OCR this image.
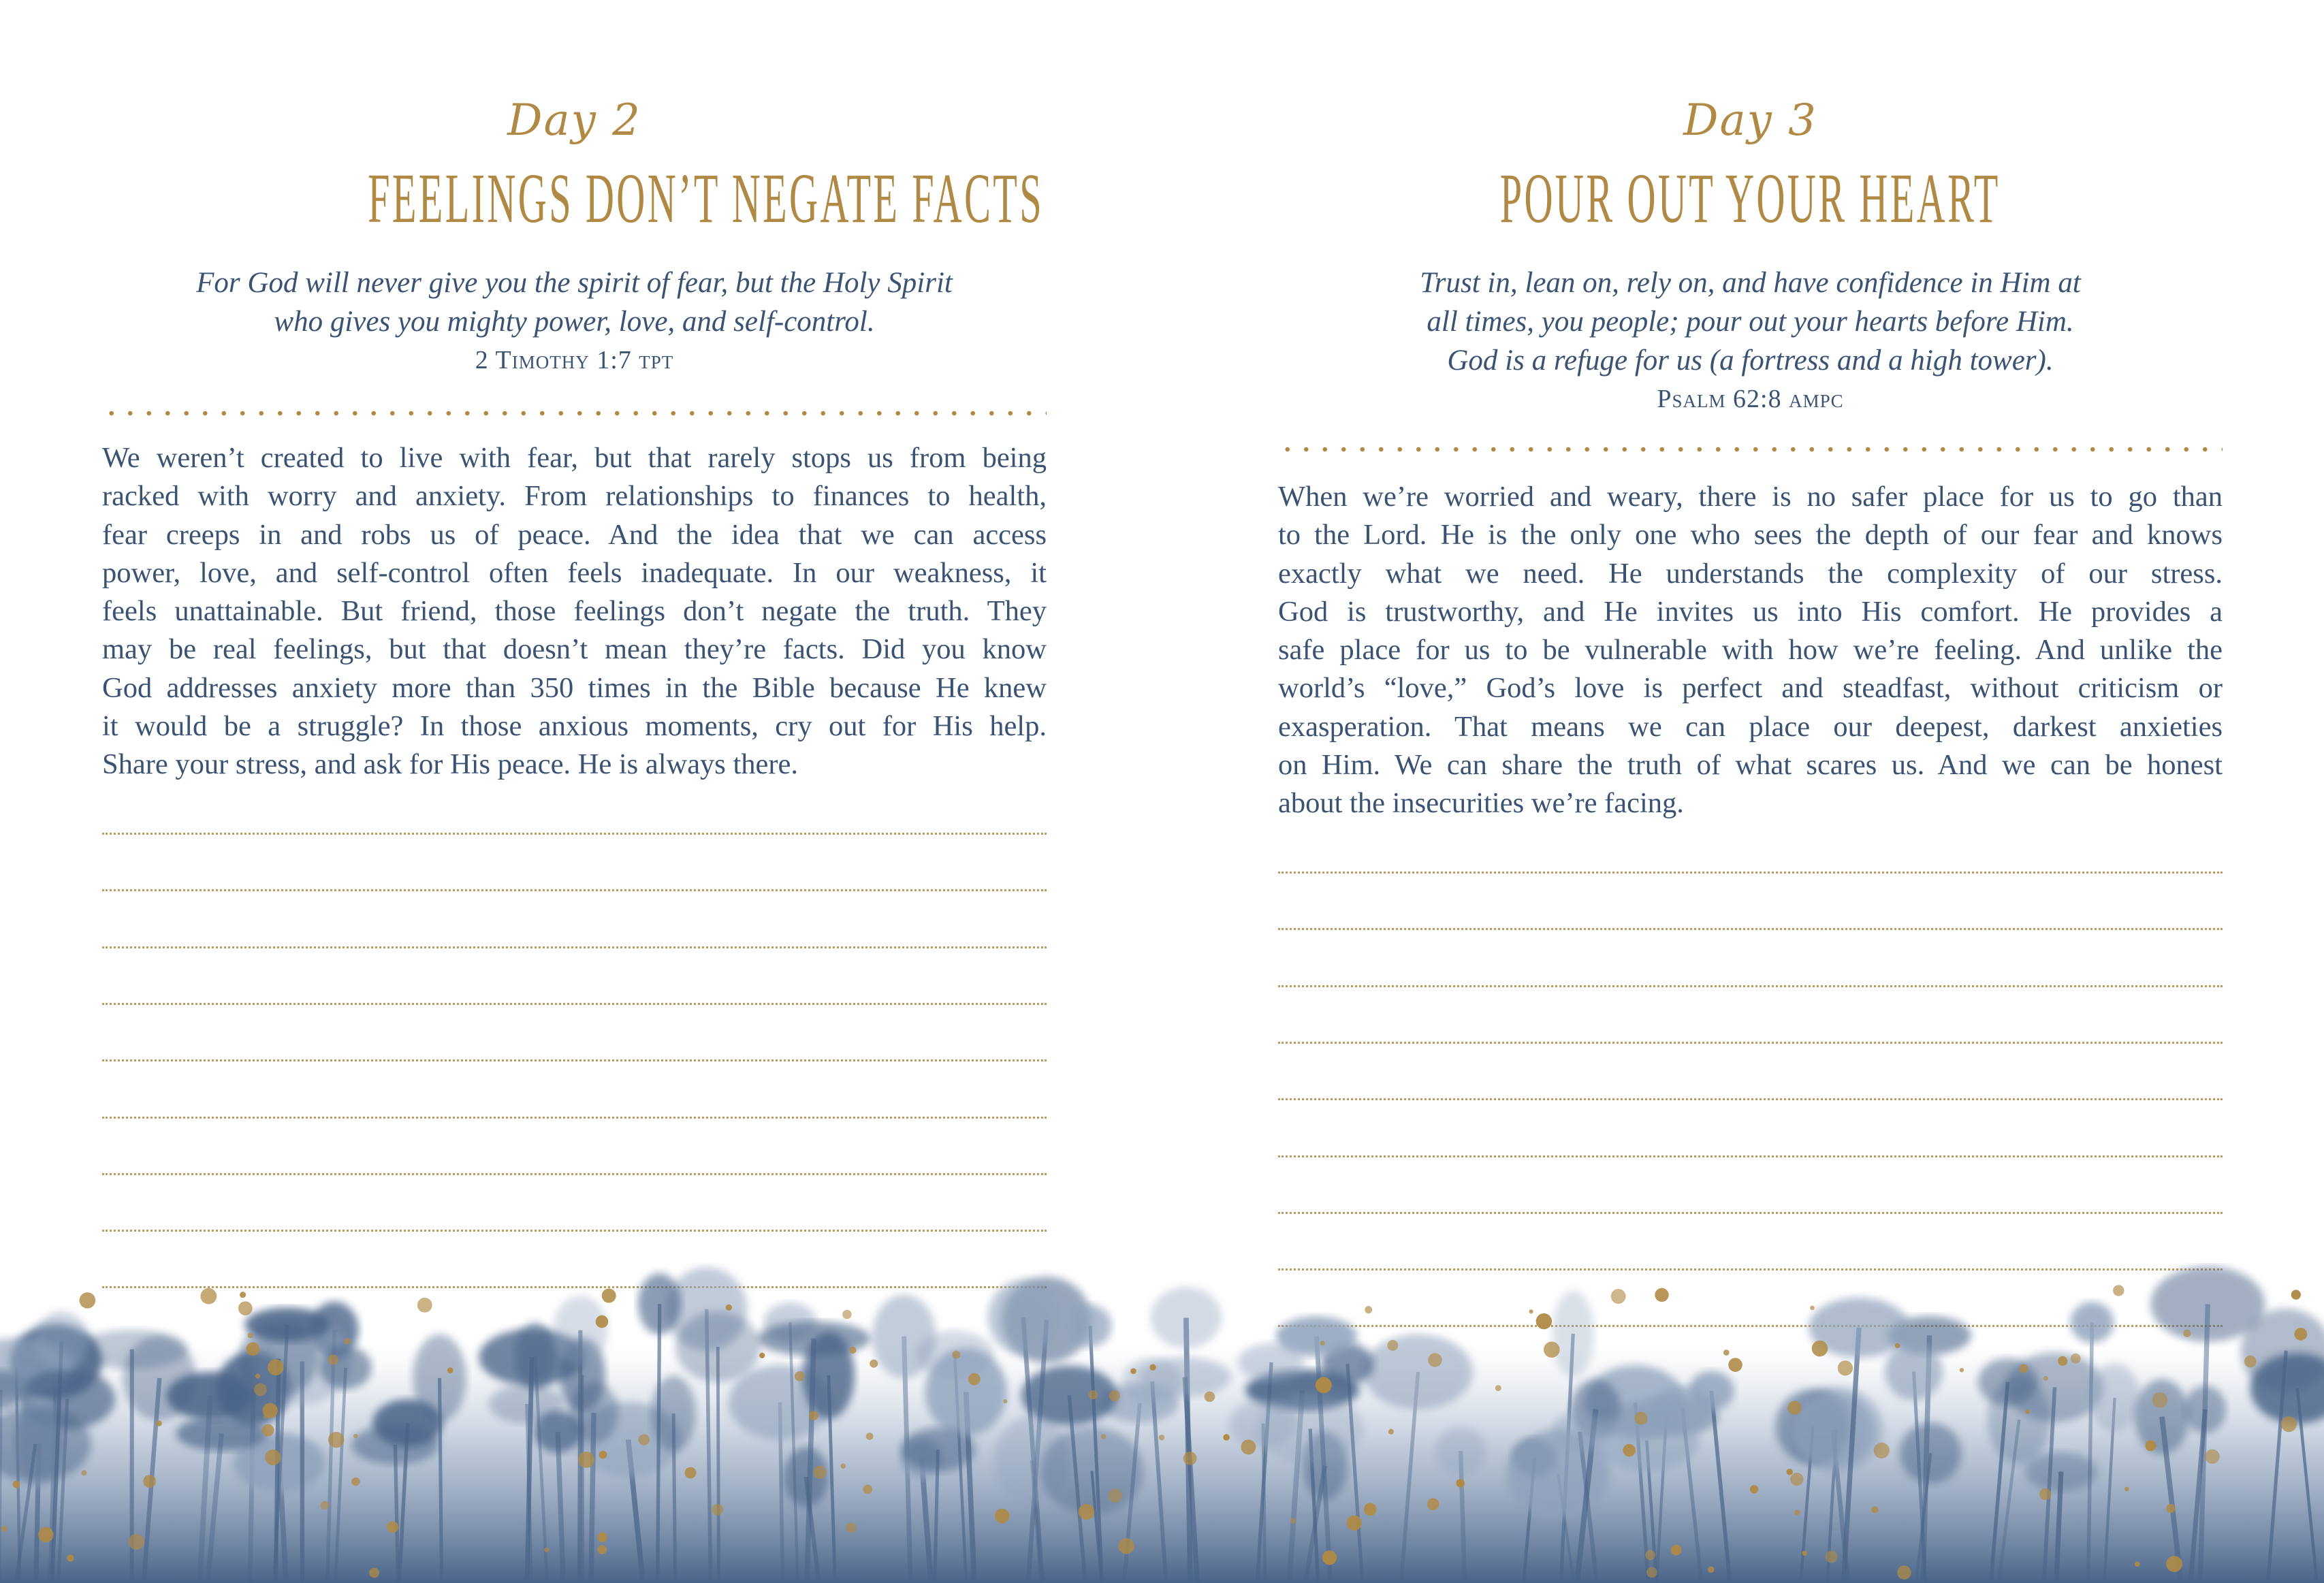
Day 2
FEELINGS DON’T NEGATE FACTS
For God will never give you the spirit of fear, but the Holy Spirit
who gives you mighty power, love, and self-control.
2 Timothy 1:7 tpt
We weren’t created to live with fear, but that rarely stops us from being
racked with worry and anxiety. From relationships to finances to health,
fear creeps in and robs us of peace. And the idea that we can access
power, love, and self-control often feels inadequate. In our weakness, it
feels unattainable. But friend, those feelings don’t negate the truth. They
may be real feelings, but that doesn’t mean they’re facts. Did you know
God addresses anxiety more than 350 times in the Bible because He knew
it would be a struggle? In those anxious moments, cry out for His help.
Share your stress, and ask for His peace. He is always there.
Day 3
POUR OUT YOUR HEART
Trust in, lean on, rely on, and have confidence in Him at
all times, you people; pour out your hearts before Him.
God is a refuge for us (a fortress and a high tower).
Psalm 62:8 ampc
When we’re worried and weary, there is no safer place for us to go than
to the Lord. He is the only one who sees the depth of our fear and knows
exactly what we need. He understands the complexity of our stress.
God is trustworthy, and He invites us into His comfort. He provides a
safe place for us to be vulnerable with how we’re feeling. And unlike the
world’s “love,” God’s love is perfect and steadfast, without criticism or
exasperation. That means we can place our deepest, darkest anxieties
on Him. We can share the truth of what scares us. And we can be honest
about the insecurities we’re facing.
